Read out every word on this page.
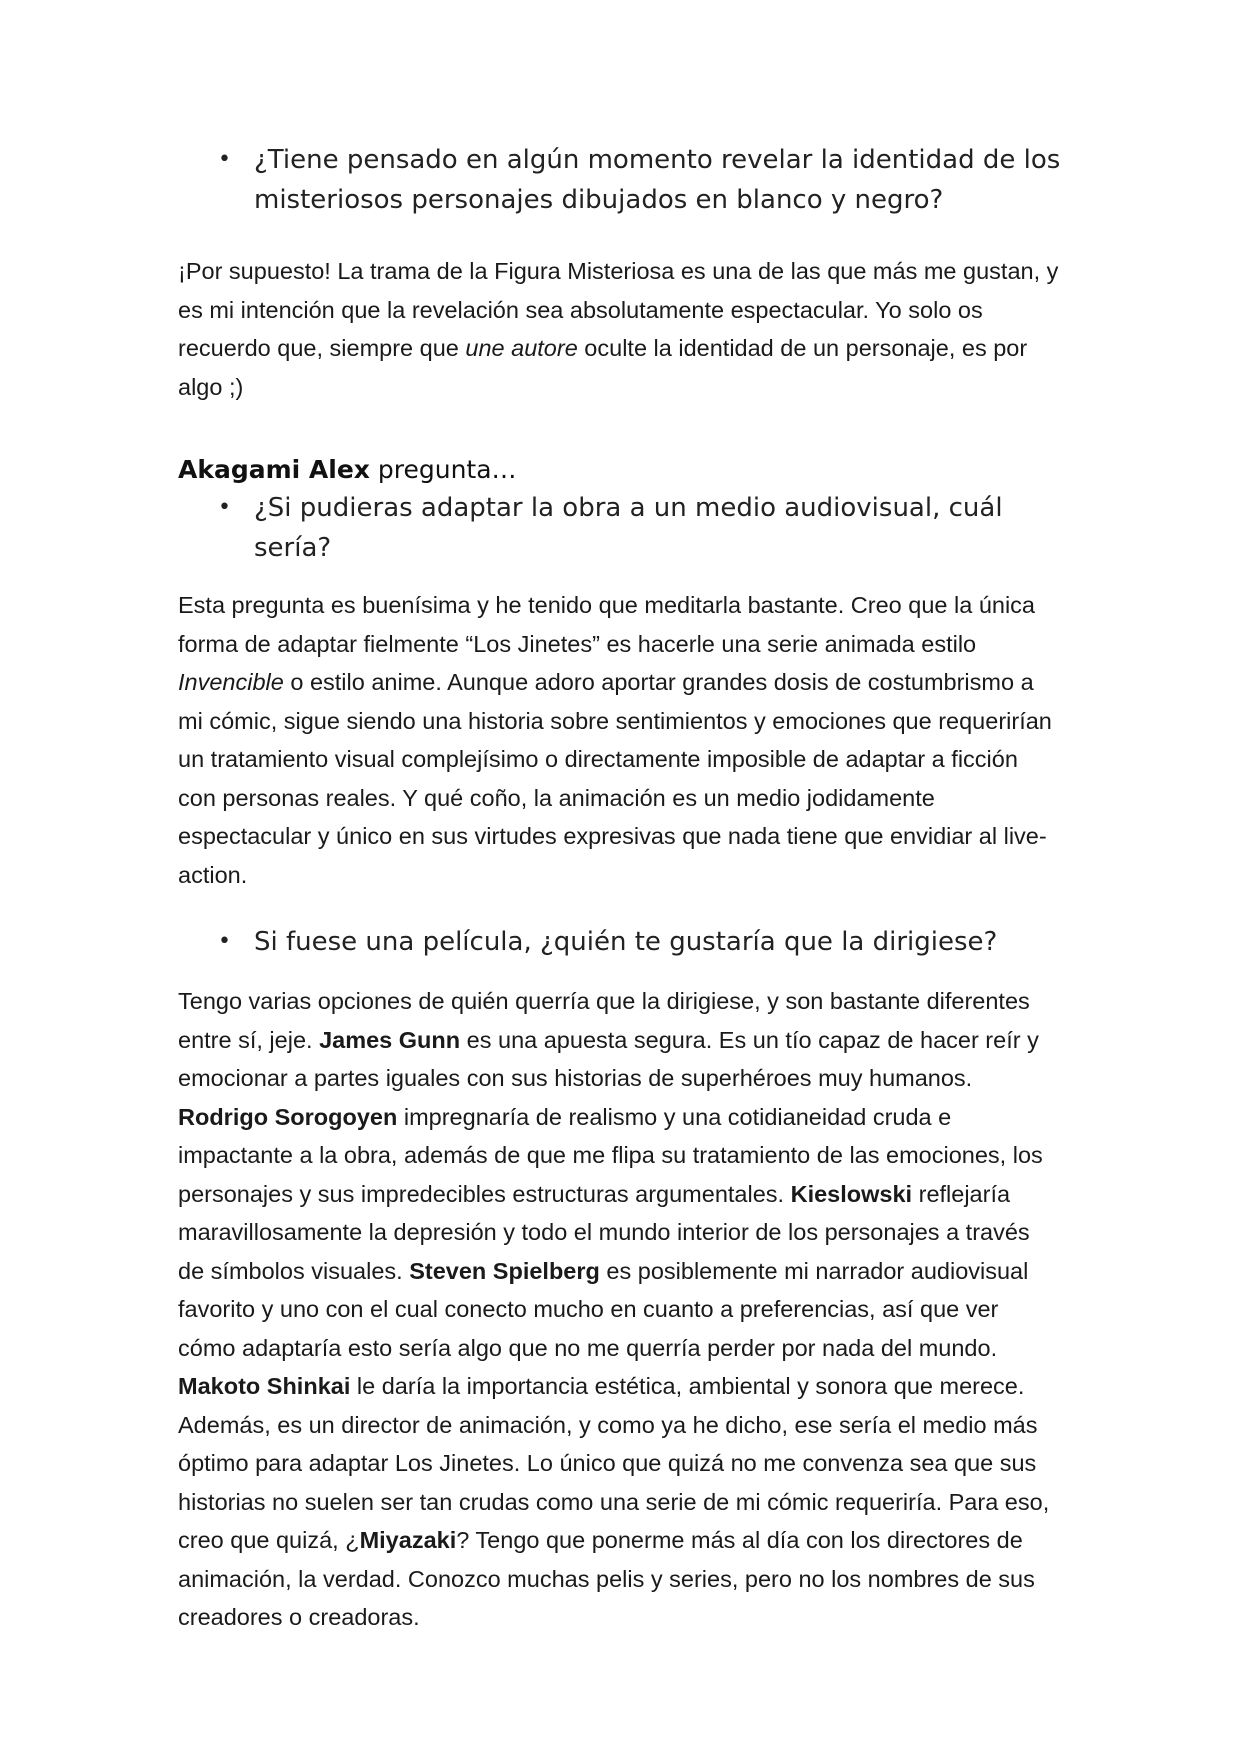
• ¿Tiene pensado en algún momento revelar la identidad de los misteriosos personajes dibujados en blanco y negro?

¡Por supuesto! La trama de la Figura Misteriosa es una de las que más me gustan, y es mi intención que la revelación sea absolutamente espectacular. Yo solo os recuerdo que, siempre que une autore oculte la identidad de un personaje, es por algo ;)

Akagami Alex pregunta…

• ¿Si pudieras adaptar la obra a un medio audiovisual, cuál sería?

Esta pregunta es buenísima y he tenido que meditarla bastante. Creo que la única forma de adaptar fielmente “Los Jinetes” es hacerle una serie animada estilo Invencible o estilo anime. Aunque adoro aportar grandes dosis de costumbrismo a mi cómic, sigue siendo una historia sobre sentimientos y emociones que requerirían un tratamiento visual complejísimo o directamente imposible de adaptar a ficción con personas reales. Y qué coño, la animación es un medio jodidamente espectacular y único en sus virtudes expresivas que nada tiene que envidiar al live-action.

• Si fuese una película, ¿quién te gustaría que la dirigiese?

Tengo varias opciones de quién querría que la dirigiese, y son bastante diferentes entre sí, jeje. James Gunn es una apuesta segura. Es un tío capaz de hacer reír y emocionar a partes iguales con sus historias de superhéroes muy humanos. Rodrigo Sorogoyen impregnaría de realismo y una cotidianeidad cruda e impactante a la obra, además de que me flipa su tratamiento de las emociones, los personajes y sus impredecibles estructuras argumentales. Kieslowski reflejaría maravillosamente la depresión y todo el mundo interior de los personajes a través de símbolos visuales. Steven Spielberg es posiblemente mi narrador audiovisual favorito y uno con el cual conecto mucho en cuanto a preferencias, así que ver cómo adaptaría esto sería algo que no me querría perder por nada del mundo. Makoto Shinkai le daría la importancia estética, ambiental y sonora que merece. Además, es un director de animación, y como ya he dicho, ese sería el medio más óptimo para adaptar Los Jinetes. Lo único que quizá no me convenza sea que sus historias no suelen ser tan crudas como una serie de mi cómic requeriría. Para eso, creo que quizá, ¿Miyazaki? Tengo que ponerme más al día con los directores de animación, la verdad. Conozco muchas pelis y series, pero no los nombres de sus creadores o creadoras.
